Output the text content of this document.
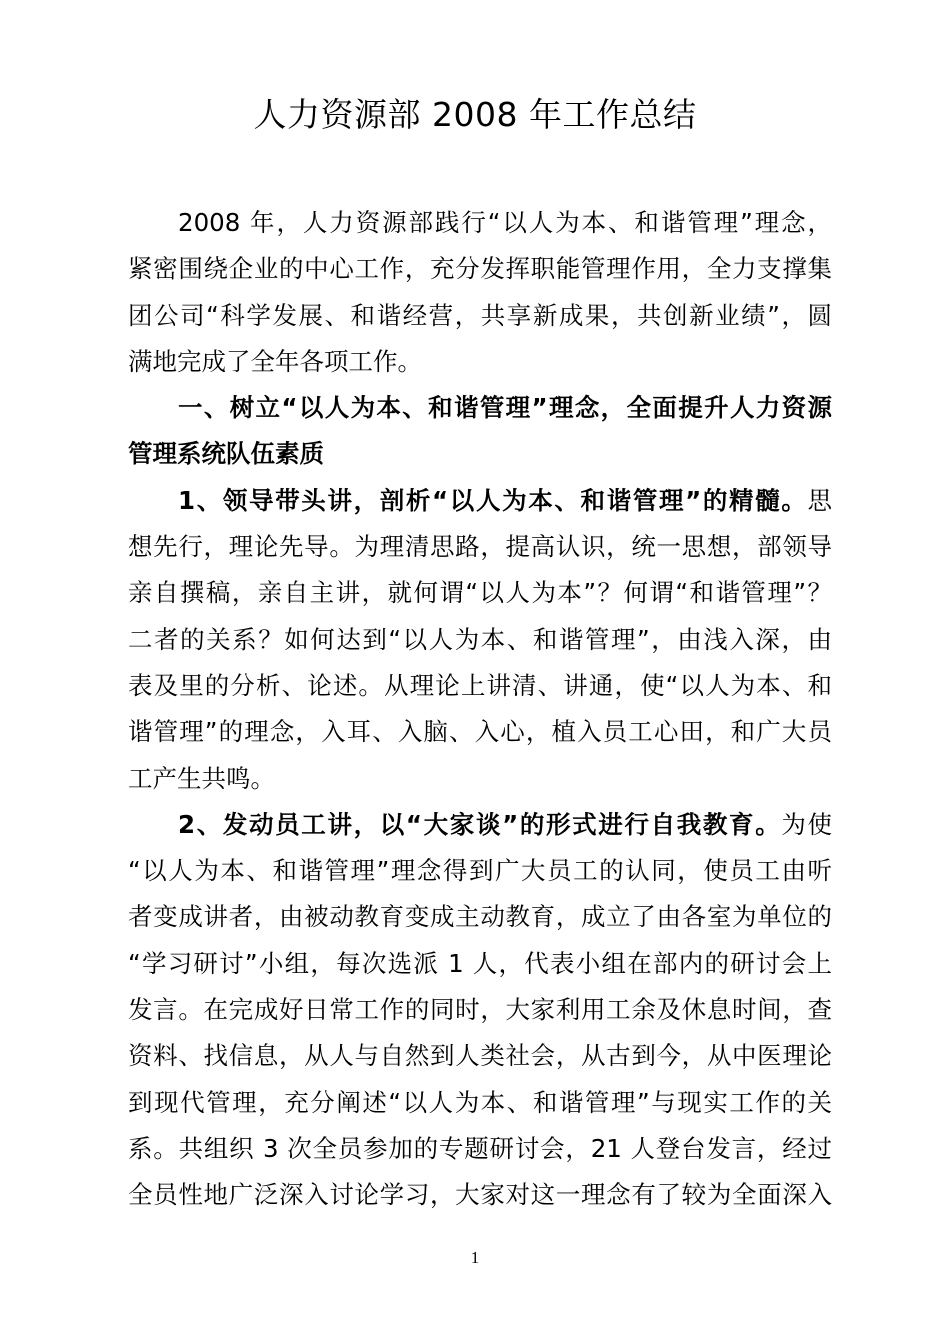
人力资源部 2008 年工作总结
2008 年，人力资源部践行“以人为本、和谐管理”理念，
紧密围绕企业的中心工作，充分发挥职能管理作用，全力支撑集
团公司“科学发展、和谐经营，共享新成果，共创新业绩”，圆
满地完成了全年各项工作。
一、树立“以人为本、和谐管理”理念，全面提升人力资源
管理系统队伍素质
1、领导带头讲，剖析“以人为本、和谐管理”的精髓。思
想先行，理论先导。为理清思路，提高认识，统一思想，部领导
亲自撰稿，亲自主讲，就何谓“以人为本”？何谓“和谐管理”？
二者的关系？如何达到“以人为本、和谐管理”，由浅入深，由
表及里的分析、论述。从理论上讲清、讲通，使“以人为本、和
谐管理”的理念，入耳、入脑、入心，植入员工心田，和广大员
工产生共鸣。
2、发动员工讲，以“大家谈”的形式进行自我教育。为使
“以人为本、和谐管理”理念得到广大员工的认同，使员工由听
者变成讲者，由被动教育变成主动教育，成立了由各室为单位的
“学习研讨”小组，每次选派 1 人，代表小组在部内的研讨会上
发言。在完成好日常工作的同时，大家利用工余及休息时间，查
资料、找信息，从人与自然到人类社会，从古到今，从中医理论
到现代管理，充分阐述“以人为本、和谐管理”与现实工作的关
系。共组织 3 次全员参加的专题研讨会，21 人登台发言，经过
全员性地广泛深入讨论学习，大家对这一理念有了较为全面深入
1
